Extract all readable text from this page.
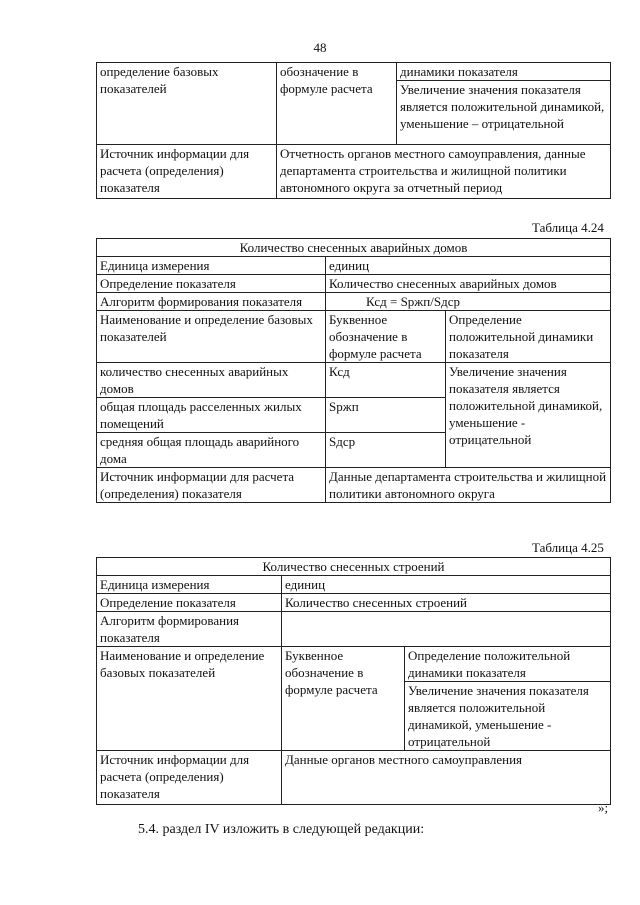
48
определение базовых показателей	обозначение в формуле расчета	динамики показателя
Увеличение значения показателя является положительной динамикой, уменьшение – отрицательной

Источник информации для расчета (определения) показателя	Отчетность органов местного самоуправления, данные департамента строительства и жилищной политики автономного округа за отчетный период	
Таблица 4.24
Количество снесенных аварийных домов		
Единица измерения	единиц	
Определение показателя	Количество снесенных аварийных домов	
Алгоритм формирования показателя	Ксд = Sржп/Sдср	
Наименование и определение базовых показателей	Буквенное обозначение в формуле расчета	Определение положительной динамики показателя
количество снесенных аварийных домов	Ксд	Увеличение значения показателя является положительной динамикой, уменьшение - отрицательной
общая площадь расселенных жилых помещений	Sржп	
средняя общая площадь аварийного дома	Sдср	
Источник информации для расчета (определения) показателя	Данные департамента строительства и жилищной политики автономного округа	
Таблица 4.25
Количество снесенных строений		
Единица измерения	единиц	
Определение показателя	Количество снесенных строений	
Алгоритм формирования показателя		
Наименование и определение базовых показателей	Буквенное обозначение в формуле расчета	Определение положительной динамики показателя
Увеличение значения показателя является положительной динамикой, уменьшение - отрицательной

Источник информации для расчета (определения) показателя	Данные органов местного самоуправления	
»;
5.4. раздел IV изложить в следующей редакции:
